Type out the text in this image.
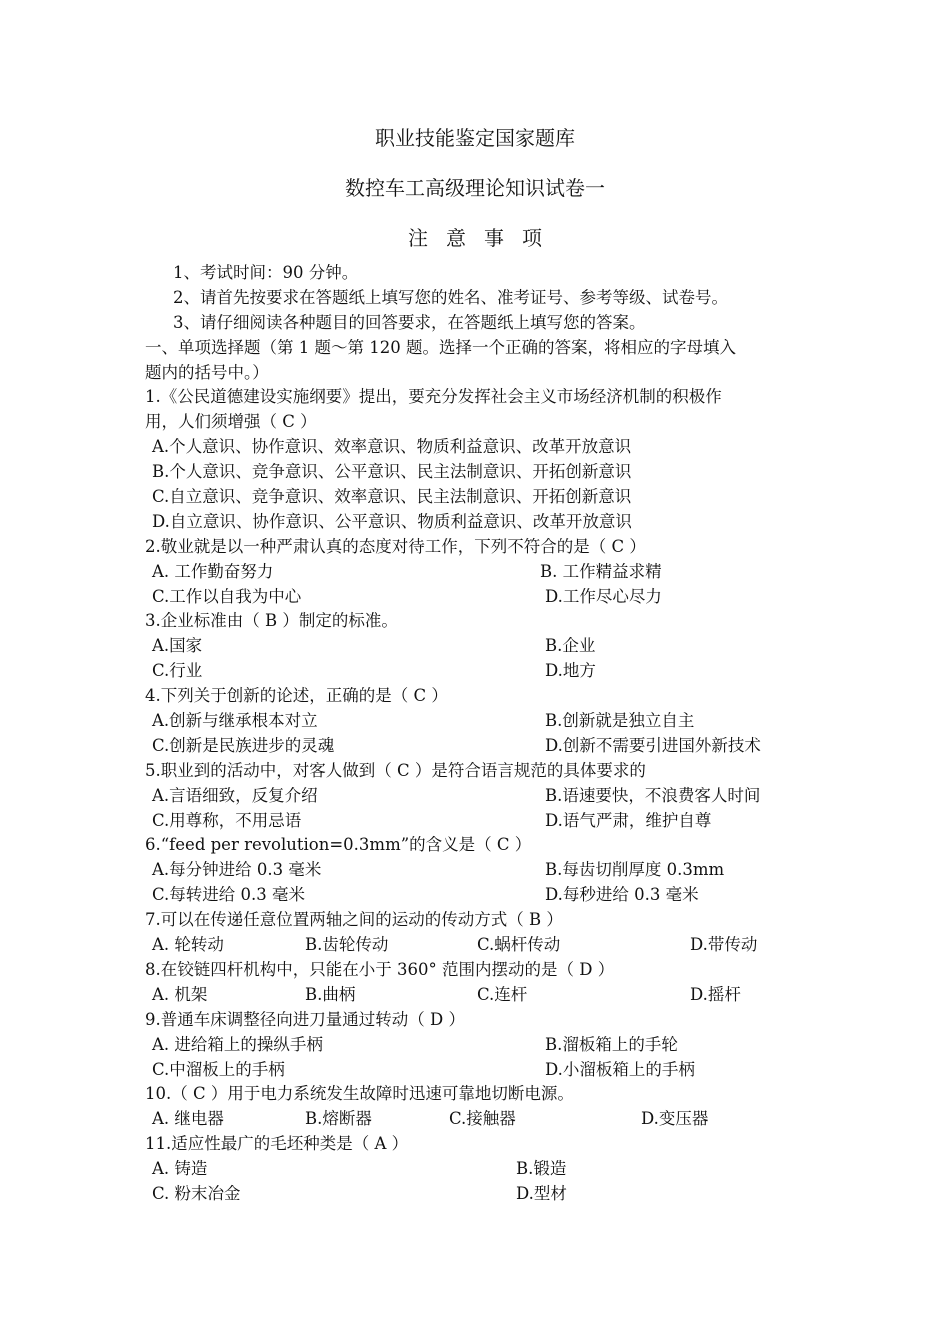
职业技能鉴定国家题库
数控车工高级理论知识试卷一
注意事项
1、考试时间：90 分钟。
2、请首先按要求在答题纸上填写您的姓名、准考证号、参考等级、试卷号。
3、请仔细阅读各种题目的回答要求，在答题纸上填写您的答案。
一、单项选择题（第 1 题～第 120 题。选择一个正确的答案，将相应的字母填入
题内的括号中。）
1.《公民道德建设实施纲要》提出，要充分发挥社会主义市场经济机制的积极作
用，人们须增强（ C ）
A.个人意识、协作意识、效率意识、物质利益意识、改革开放意识
B.个人意识、竞争意识、公平意识、民主法制意识、开拓创新意识
C.自立意识、竞争意识、效率意识、民主法制意识、开拓创新意识
D.自立意识、协作意识、公平意识、物质利益意识、改革开放意识
2.敬业就是以一种严肃认真的态度对待工作，下列不符合的是（ C ）
A. 工作勤奋努力	B. 工作精益求精
C.工作以自我为中心	D.工作尽心尽力
3.企业标准由（ B ）制定的标准。
A.国家	B.企业
C.行业	D.地方
4.下列关于创新的论述，正确的是（ C ）
A.创新与继承根本对立	B.创新就是独立自主
C.创新是民族进步的灵魂	D.创新不需要引进国外新技术
5.职业到的活动中，对客人做到（ C ）是符合语言规范的具体要求的
A.言语细致，反复介绍	B.语速要快，不浪费客人时间
C.用尊称，不用忌语	D.语气严肃，维护自尊
6.“feed per revolution=0.3mm”的含义是（ C ）
A.每分钟进给 0.3 毫米	B.每齿切削厚度 0.3mm
C.每转进给 0.3 毫米	D.每秒进给 0.3 毫米
7.可以在传递任意位置两轴之间的运动的传动方式（ B ）
A. 轮转动	B.齿轮传动	C.蜗杆传动	D.带传动
8.在铰链四杆机构中，只能在小于 360° 范围内摆动的是（ D ）
A. 机架	B.曲柄	C.连杆	D.摇杆
9.普通车床调整径向进刀量通过转动（ D ）
A. 进给箱上的操纵手柄	B.溜板箱上的手轮
C.中溜板上的手柄	D.小溜板箱上的手柄
10.（ C ）用于电力系统发生故障时迅速可靠地切断电源。
A. 继电器	B.熔断器	C.接触器	D.变压器
11.适应性最广的毛坯种类是（ A ）
A. 铸造	B.锻造
C. 粉末冶金	D.型材
